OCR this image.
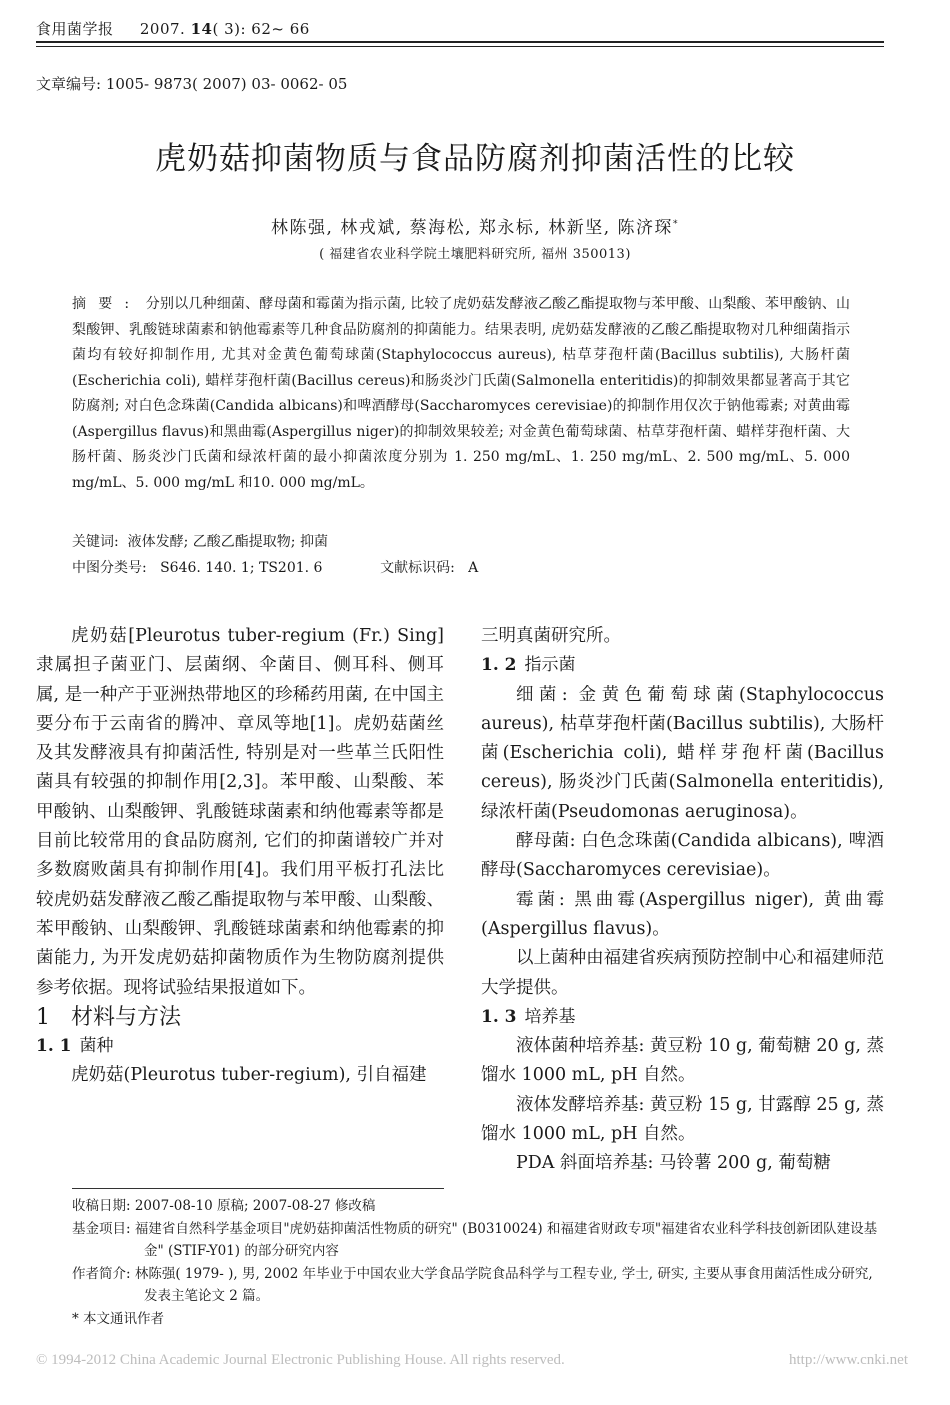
食用菌学报 2007. 14( 3): 62~ 66
文章编号: 1005- 9873( 2007) 03- 0062- 05
虎奶菇抑菌物质与食品防腐剂抑菌活性的比较
林陈强, 林戎斌, 蔡海松, 郑永标, 林新坚, 陈济琛*
( 福建省农业科学院土壤肥料研究所, 福州 350013)
摘要: 分别以几种细菌、酵母菌和霉菌为指示菌, 比较了虎奶菇发酵液乙酸乙酯提取物与苯甲酸、山梨酸、苯甲酸钠、山梨酸钾、乳酸链球菌素和钠他霉素等几种食品防腐剂的抑菌能力。结果表明, 虎奶菇发酵液的乙酸乙酯提取物对几种细菌指示菌均有较好抑制作用, 尤其对金黄色葡萄球菌(Staphylococcus aureus), 枯草芽孢杆菌(Bacillus subtilis), 大肠杆菌(Escherichia coli), 蜡样芽孢杆菌(Bacillus cereus)和肠炎沙门氏菌(Salmonella enteritidis)的抑制效果都显著高于其它防腐剂; 对白色念珠菌(Candida albicans)和啤酒酵母(Saccharomyces cerevisiae)的抑制作用仅次于钠他霉素; 对黄曲霉(Aspergillus flavus)和黑曲霉(Aspergillus niger)的抑制效果较差; 对金黄色葡萄球菌、枯草芽孢杆菌、蜡样芽孢杆菌、大肠杆菌、肠炎沙门氏菌和绿浓杆菌的最小抑菌浓度分别为 1. 250 mg/mL、1. 250 mg/mL、2. 500 mg/mL、5. 000 mg/mL、5. 000 mg/mL 和10. 000 mg/mL。
关键词: 液体发酵; 乙酸乙酯提取物; 抑菌
中图分类号: S646. 140. 1; TS201. 6	文献标识码: A

虎奶菇[Pleurotus tuber-regium (Fr.) Sing] 隶属担子菌亚门、层菌纲、伞菌目、侧耳科、侧耳属, 是一种产于亚洲热带地区的珍稀药用菌, 在中国主要分布于云南省的腾冲、章凤等地[1]。虎奶菇菌丝及其发酵液具有抑菌活性, 特别是对一些革兰氏阳性菌具有较强的抑制作用[2,3]。苯甲酸、山梨酸、苯甲酸钠、山梨酸钾、乳酸链球菌素和纳他霉素等都是目前比较常用的食品防腐剂, 它们的抑菌谱较广并对多数腐败菌具有抑制作用[4]。我们用平板打孔法比较虎奶菇发酵液乙酸乙酯提取物与苯甲酸、山梨酸、苯甲酸钠、山梨酸钾、乳酸链球菌素和纳他霉素的抑菌能力, 为开发虎奶菇抑菌物质作为生物防腐剂提供参考依据。现将试验结果报道如下。

1 材料与方法

1. 1 菌种

虎奶菇(Pleurotus tuber-regium), 引自福建

三明真菌研究所。

1. 2 指示菌

细菌: 金黄色葡萄球菌(Staphylococcus aureus), 枯草芽孢杆菌(Bacillus subtilis), 大肠杆菌(Escherichia coli), 蜡样芽孢杆菌(Bacillus cereus), 肠炎沙门氏菌(Salmonella enteritidis), 绿浓杆菌(Pseudomonas aeruginosa)。

酵母菌: 白色念珠菌(Candida albicans), 啤酒酵母(Saccharomyces cerevisiae)。

霉菌: 黑曲霉(Aspergillus niger), 黄曲霉(Aspergillus flavus)。

以上菌种由福建省疾病预防控制中心和福建师范大学提供。

1. 3 培养基

液体菌种培养基: 黄豆粉 10 g, 葡萄糖 20 g, 蒸馏水 1000 mL, pH 自然。

液体发酵培养基: 黄豆粉 15 g, 甘露醇 25 g, 蒸馏水 1000 mL, pH 自然。

PDA 斜面培养基: 马铃薯 200 g, 葡萄糖

收稿日期: 2007-08-10 原稿; 2007-08-27 修改稿

基金项目: 福建省自然科学基金项目"虎奶菇抑菌活性物质的研究" (B0310024) 和福建省财政专项"福建省农业科学科技创新团队建设基金" (STIF-Y01) 的部分研究内容

作者简介: 林陈强( 1979- ), 男, 2002 年毕业于中国农业大学食品学院食品科学与工程专业, 学士, 研实, 主要从事食用菌活性成分研究, 发表主笔论文 2 篇。

* 本文通讯作者

© 1994-2012 China Academic Journal Electronic Publishing House. All rights reserved.	http://www.cnki.net
